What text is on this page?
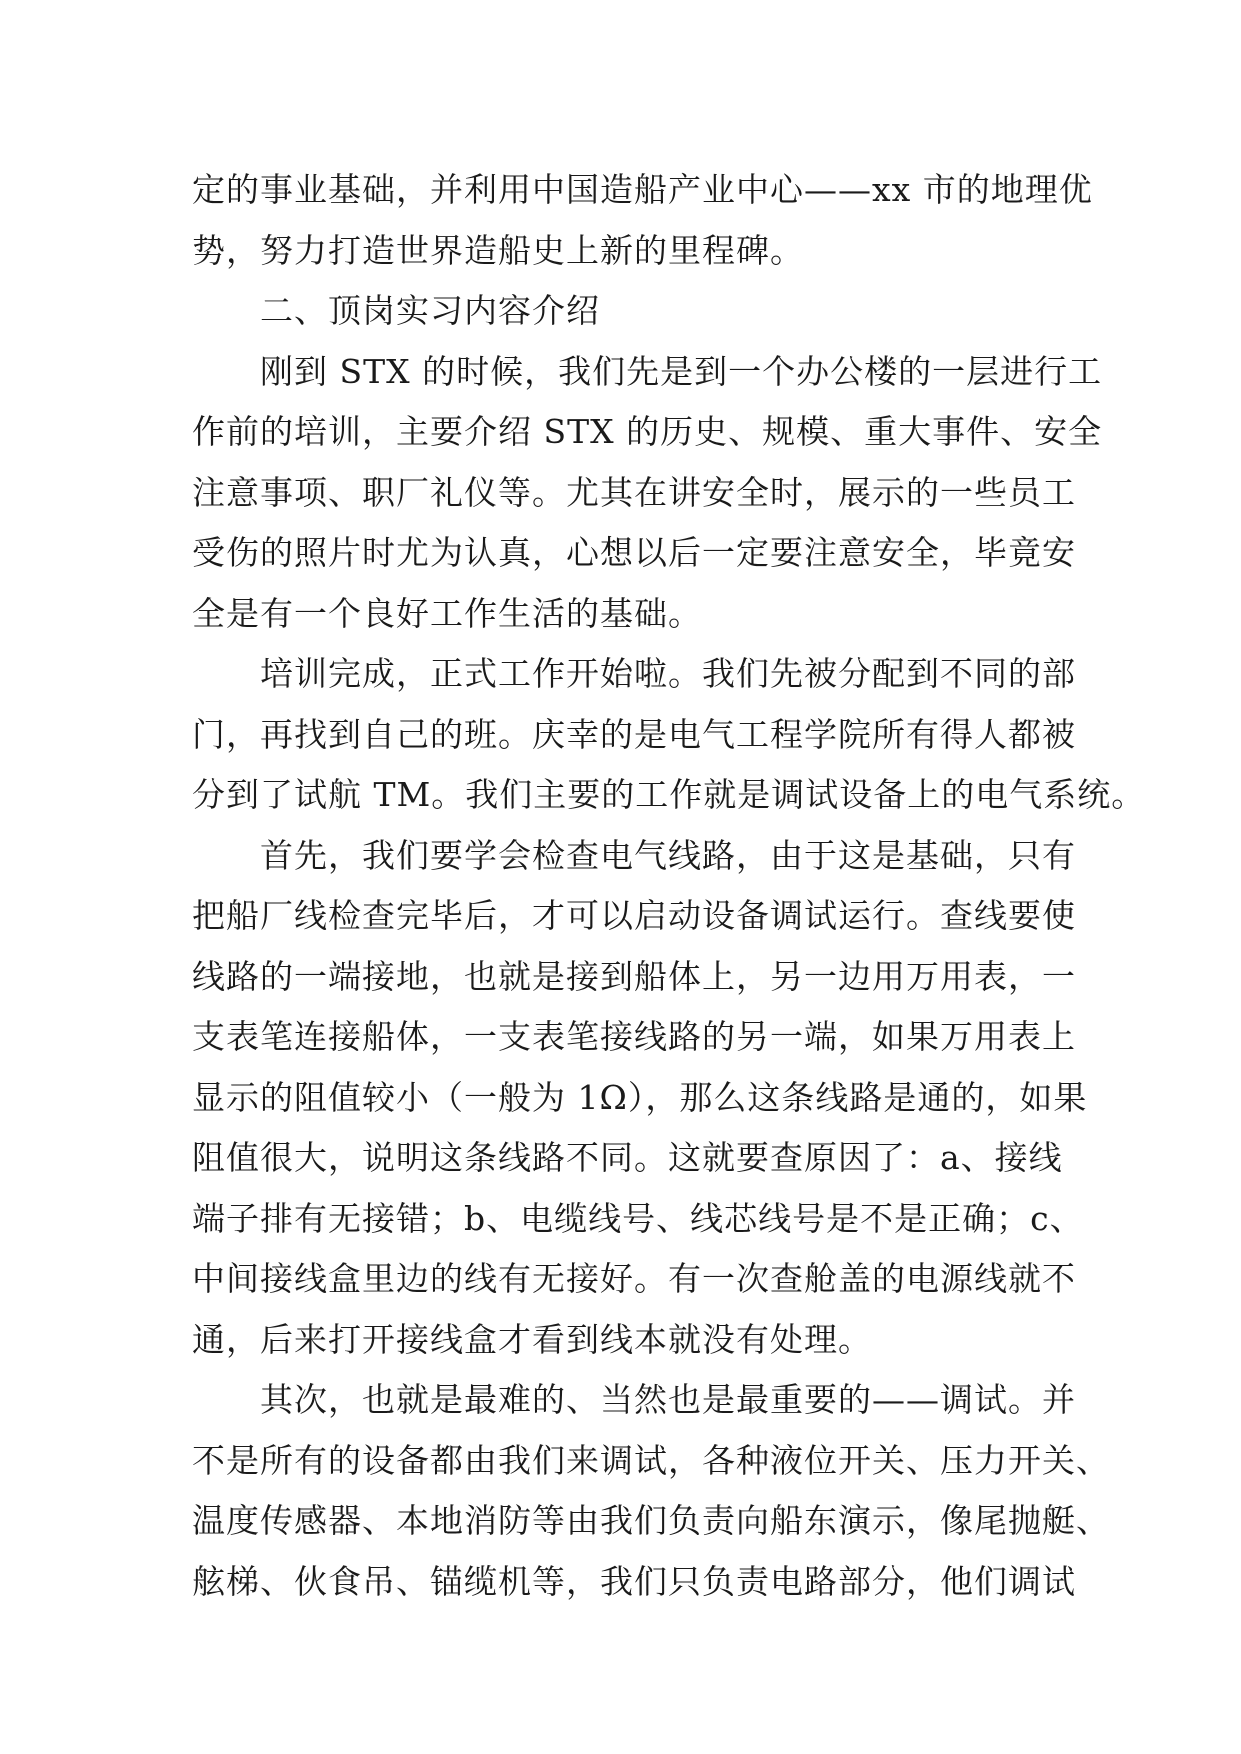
定的事业基础，并利用中国造船产业中心——xx 市的地理优
势，努力打造世界造船史上新的里程碑。
　　二、顶岗实习内容介绍
　　刚到 STX 的时候，我们先是到一个办公楼的一层进行工
作前的培训，主要介绍 STX 的历史、规模、重大事件、安全
注意事项、职厂礼仪等。尤其在讲安全时，展示的一些员工
受伤的照片时尤为认真，心想以后一定要注意安全，毕竟安
全是有一个良好工作生活的基础。
　　培训完成，正式工作开始啦。我们先被分配到不同的部
门，再找到自己的班。庆幸的是电气工程学院所有得人都被
分到了试航 TM。我们主要的工作就是调试设备上的电气系统。
　　首先，我们要学会检查电气线路，由于这是基础，只有
把船厂线检查完毕后，才可以启动设备调试运行。查线要使
线路的一端接地，也就是接到船体上，另一边用万用表，一
支表笔连接船体，一支表笔接线路的另一端，如果万用表上
显示的阻值较小（一般为 1Ω），那么这条线路是通的，如果
阻值很大，说明这条线路不同。这就要查原因了：a、接线
端子排有无接错；b、电缆线号、线芯线号是不是正确；c、
中间接线盒里边的线有无接好。有一次查舱盖的电源线就不
通，后来打开接线盒才看到线本就没有处理。
　　其次，也就是最难的、当然也是最重要的——调试。并
不是所有的设备都由我们来调试，各种液位开关、压力开关、
温度传感器、本地消防等由我们负责向船东演示，像尾抛艇、
舷梯、伙食吊、锚缆机等，我们只负责电路部分，他们调试
